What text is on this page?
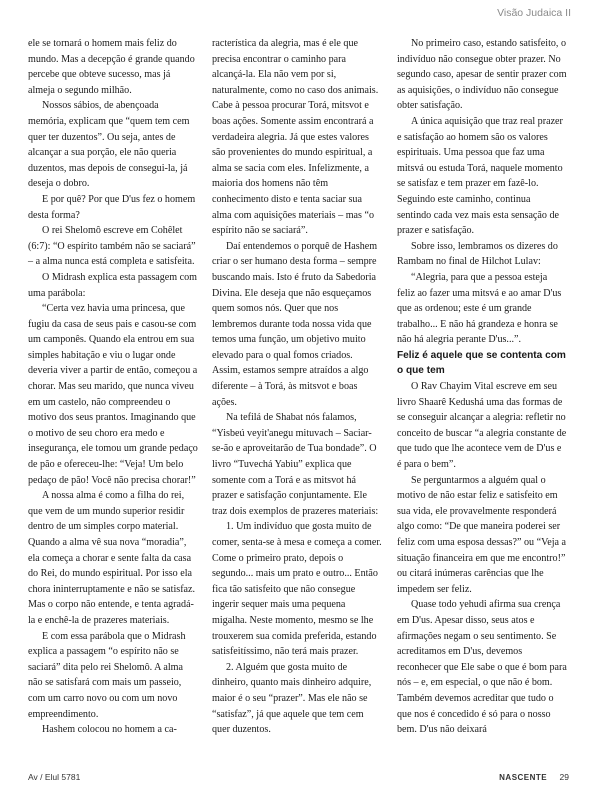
Visão Judaica II

ele se tornará o homem mais feliz do mundo. Mas a decepção é grande quando percebe que obteve sucesso, mas já almeja o segundo milhão.

Nossos sábios, de abençoada memória, explicam que “quem tem cem quer ter duzentos”. Ou seja, antes de alcançar a sua porção, ele não queria duzentos, mas depois de consegui-la, já deseja o dobro.

E por quê? Por que D'us fez o homem desta forma?

O rei Shelomô escreve em Cohêlet (6:7): “O espírito também não se saciará” – a alma nunca está completa e satisfeita.

O Midrash explica esta passagem com uma parábola:

“Certa vez havia uma princesa, que fugiu da casa de seus pais e casou-se com um camponês. Quando ela entrou em sua simples habitação e viu o lugar onde deveria viver a partir de então, começou a chorar. Mas seu marido, que nunca viveu em um castelo, não compreendeu o motivo dos seus prantos. Imaginando que o motivo de seu choro era medo e insegurança, ele tomou um grande pedaço de pão e ofereceu-lhe: “Veja! Um belo pedaço de pão! Você não precisa chorar!”

A nossa alma é como a filha do rei, que vem de um mundo superior residir dentro de um simples corpo material. Quando a alma vê sua nova “moradia”, ela começa a chorar e sente falta da casa do Rei, do mundo espiritual. Por isso ela chora ininterruptamente e não se satisfaz. Mas o corpo não entende, e tenta agradá-la e enchê-la de prazeres materiais.

E com essa parábola que o Midrash explica a passagem “o espírito não se saciará” dita pelo rei Shelomô. A alma não se satisfará com mais um passeio, com um carro novo ou com um novo empreendimento.

Hashem colocou no homem a ca-

racterística da alegria, mas é ele que precisa encontrar o caminho para alcançá-la. Ela não vem por si, naturalmente, como no caso dos animais. Cabe à pessoa procurar Torá, mitsvot e boas ações. Somente assim encontrará a verdadeira alegria. Já que estes valores são provenientes do mundo espiritual, a alma se sacia com eles. Infelizmente, a maioria dos homens não têm conhecimento disto e tenta saciar sua alma com aquisições materiais – mas “o espírito não se saciará”.

Daí entendemos o porquê de Hashem criar o ser humano desta forma – sempre buscando mais. Isto é fruto da Sabedoria Divina. Ele deseja que não esqueçamos quem somos nós. Quer que nos lembremos durante toda nossa vida que temos uma função, um objetivo muito elevado para o qual fomos criados. Assim, estamos sempre atraídos a algo diferente – à Torá, às mitsvot e boas ações.

Na tefilá de Shabat nós falamos, “Yisbeú veyit'anegu mituvach – Saciar-se-ão e aproveitarão de Tua bondade”. O livro “Tuvechá Yabiu” explica que somente com a Torá e as mitsvot há prazer e satisfação conjuntamente. Ele traz dois exemplos de prazeres materiais:

1. Um indivíduo que gosta muito de comer, senta-se à mesa e começa a comer. Come o primeiro prato, depois o segundo... mais um prato e outro... Então fica tão satisfeito que não consegue ingerir sequer mais uma pequena migalha. Neste momento, mesmo se lhe trouxerem sua comida preferida, estando satisfeitíssimo, não terá mais prazer.

2. Alguém que gosta muito de dinheiro, quanto mais dinheiro adquire, maior é o seu “prazer”. Mas ele não se “satisfaz”, já que aquele que tem cem quer duzentos.

No primeiro caso, estando satisfeito, o indivíduo não consegue obter prazer. No segundo caso, apesar de sentir prazer com as aquisições, o indivíduo não consegue obter satisfação.

A única aquisição que traz real prazer e satisfação ao homem são os valores espirituais. Uma pessoa que faz uma mitsvá ou estuda Torá, naquele momento se satisfaz e tem prazer em fazê-lo. Seguindo este caminho, continua sentindo cada vez mais esta sensação de prazer e satisfação.

Sobre isso, lembramos os dizeres do Rambam no final de Hilchot Lulav:

“Alegria, para que a pessoa esteja feliz ao fazer uma mitsvá e ao amar D'us que as ordenou; este é um grande trabalho... E não há grandeza e honra se não há alegria perante D'us...”.

Feliz é aquele que se contenta com o que tem

O Rav Chayim Vital escreve em seu livro Shaarê Kedushá uma das formas de se conseguir alcançar a alegria: refletir no conceito de buscar “a alegria constante de que tudo que lhe acontece vem de D'us e é para o bem”.

Se perguntarmos a alguém qual o motivo de não estar feliz e satisfeito em sua vida, ele provavelmente responderá algo como: “De que maneira poderei ser feliz com uma esposa dessas?” ou “Veja a situação financeira em que me encontro!” ou citará inúmeras carências que lhe impedem ser feliz.

Quase todo yehudi afirma sua crença em D'us. Apesar disso, seus atos e afirmações negam o seu sentimento. Se acreditamos em D'us, devemos reconhecer que Ele sabe o que é bom para nós – e, em especial, o que não é bom. Também devemos acreditar que tudo o que nos é concedido é só para o nosso bem. D'us não deixará

Av / Elul 5781	NASCENTE 29
